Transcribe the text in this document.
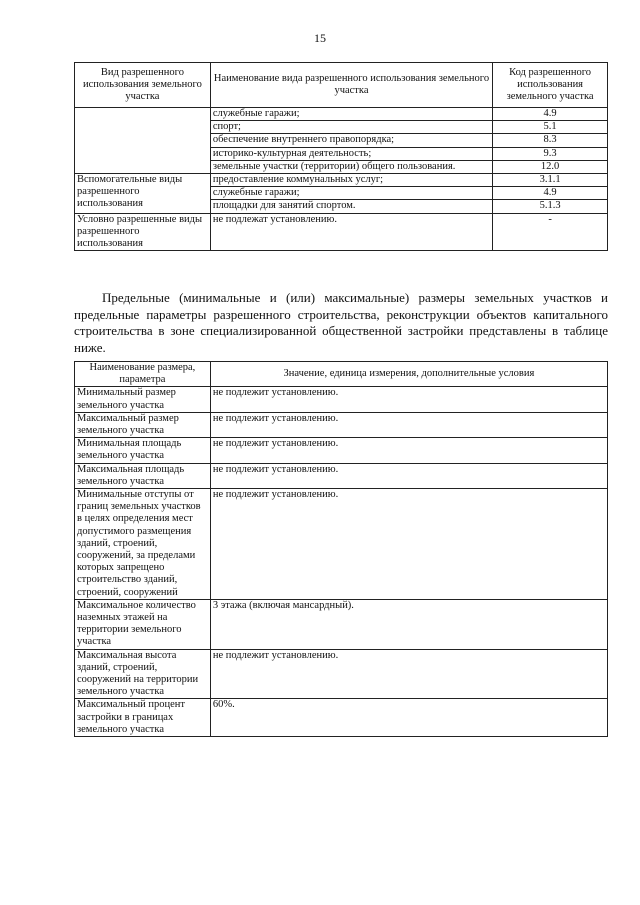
15
Вид разрешенного использования земельного участка	Наименование вида разрешенного использования земельного участка	Код разрешенного использования земельного участка
	служебные гаражи;	4.9
	спорт;	5.1
	обеспечение внутреннего правопорядка;	8.3
	историко-культурная деятельность;	9.3
	земельные участки (территории) общего пользования.	12.0
Вспомогательные виды разрешенного использования	предоставление коммунальных услуг;	3.1.1
	служебные гаражи;	4.9
	площадки для занятий спортом.	5.1.3
Условно разрешенные виды разрешенного использования	не подлежат установлению.	-
Предельные (минимальные и (или) максимальные) размеры земельных участков и предельные параметры разрешенного строительства, реконструкции объектов капитального строительства в зоне специализированной общественной застройки представлены в таблице ниже.
Наименование размера, параметра	Значение, единица измерения, дополнительные условия
Минимальный размер земельного участка	не подлежит установлению.
Максимальный размер земельного участка	не подлежит установлению.
Минимальная площадь земельного участка	не подлежит установлению.
Максимальная площадь земельного участка	не подлежит установлению.
Минимальные отступы от границ земельных участков в целях определения мест допустимого размещения зданий, строений, сооружений, за пределами которых запрещено строительство зданий, строений, сооружений	не подлежит установлению.
Максимальное количество наземных этажей на территории земельного участка	3 этажа (включая мансардный).
Максимальная высота зданий, строений, сооружений на территории земельного участка	не подлежит установлению.
Максимальный процент застройки в границах земельного участка	60%.
